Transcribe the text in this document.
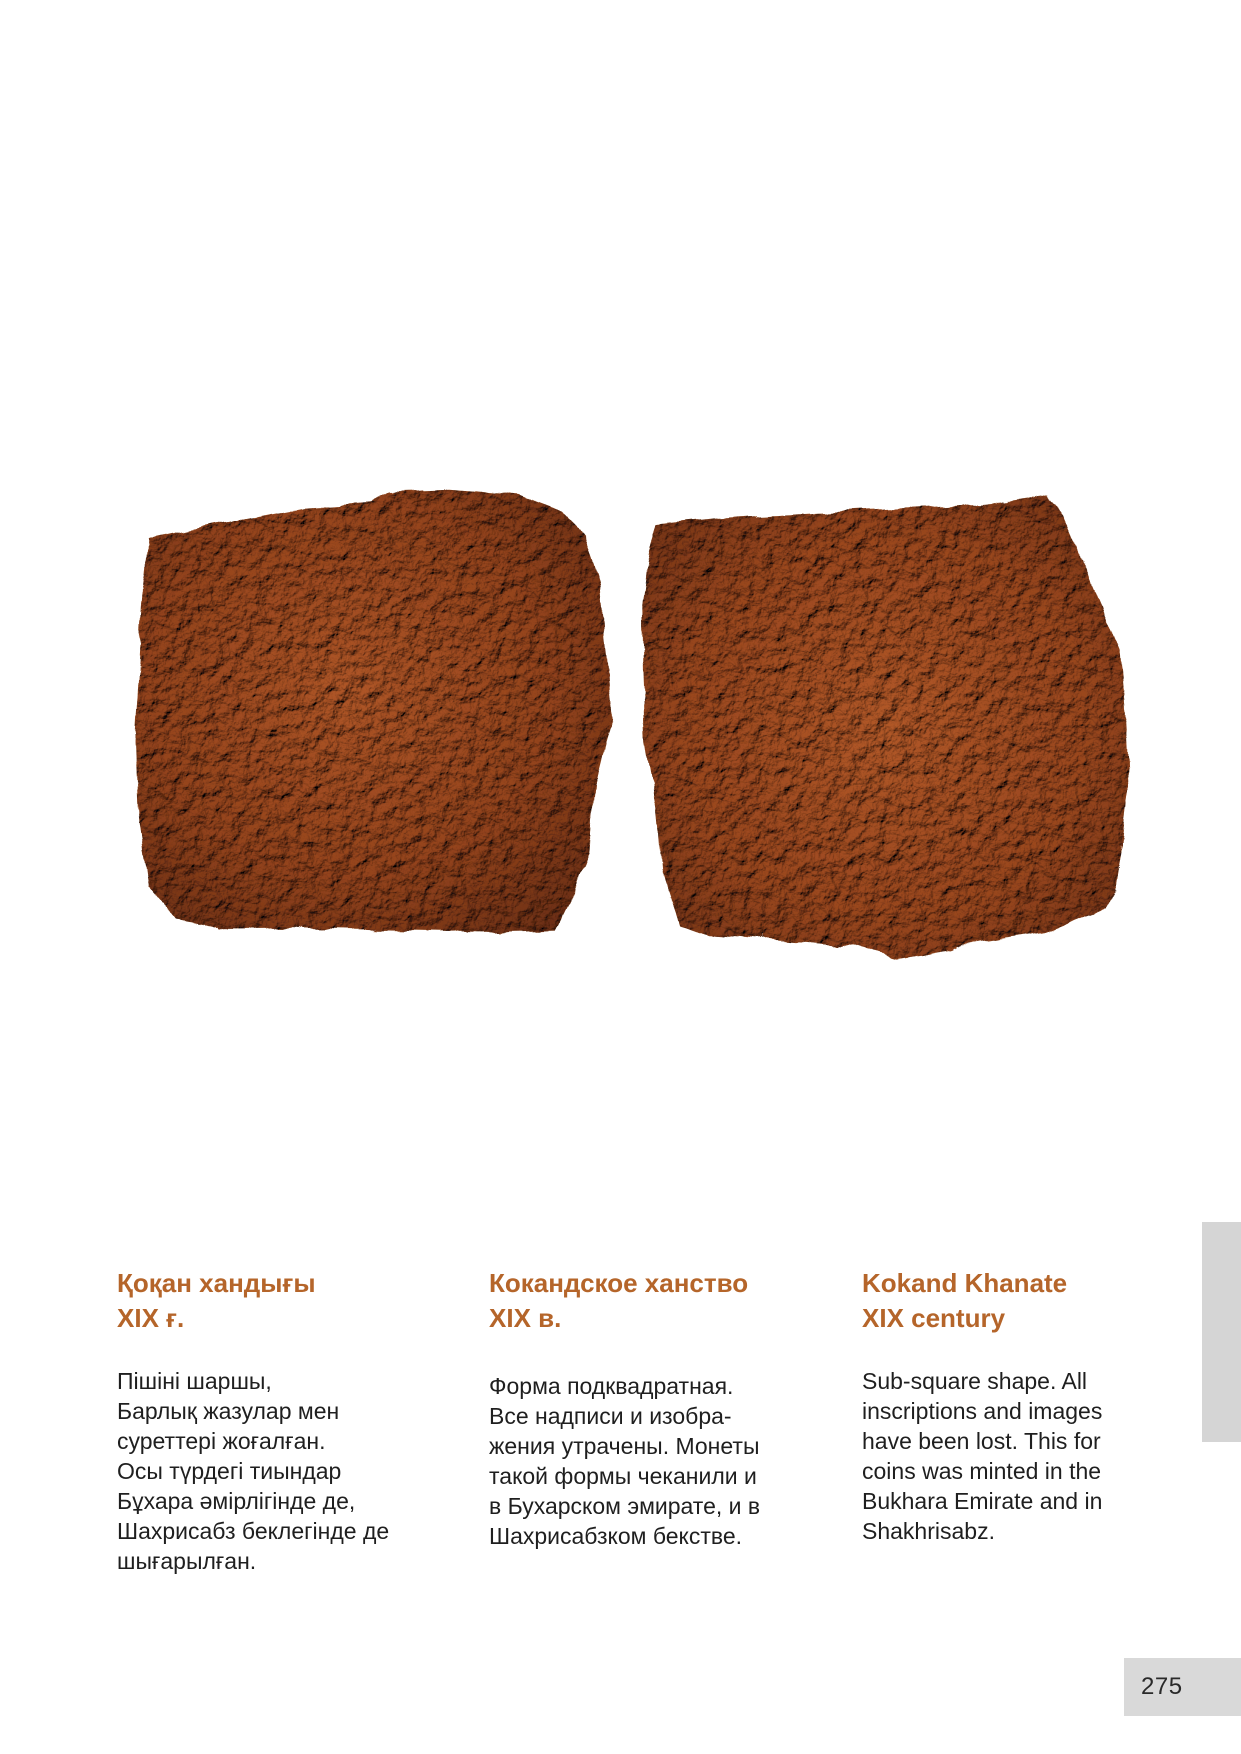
Қоқан хандығы
XIX ғ.
Пішіні шаршы,
Барлық жазулар мен
суреттері жоғалған.
Осы түрдегі тиындар
Бұхара әмірлігінде де,
Шахрисабз беклегінде де
шығарылған.
Кокандское ханство
XIX в.
Форма подквадратная.
Все надписи и изобра-
жения утрачены. Монеты
такой формы чеканили и
в Бухарском эмирате, и в
Шахрисабзком бекстве.
Kokand Khanate
XIX century
Sub-square shape. All
inscriptions and images
have been lost. This for
coins was minted in the
Bukhara Emirate and in
Shakhrisabz.
275
